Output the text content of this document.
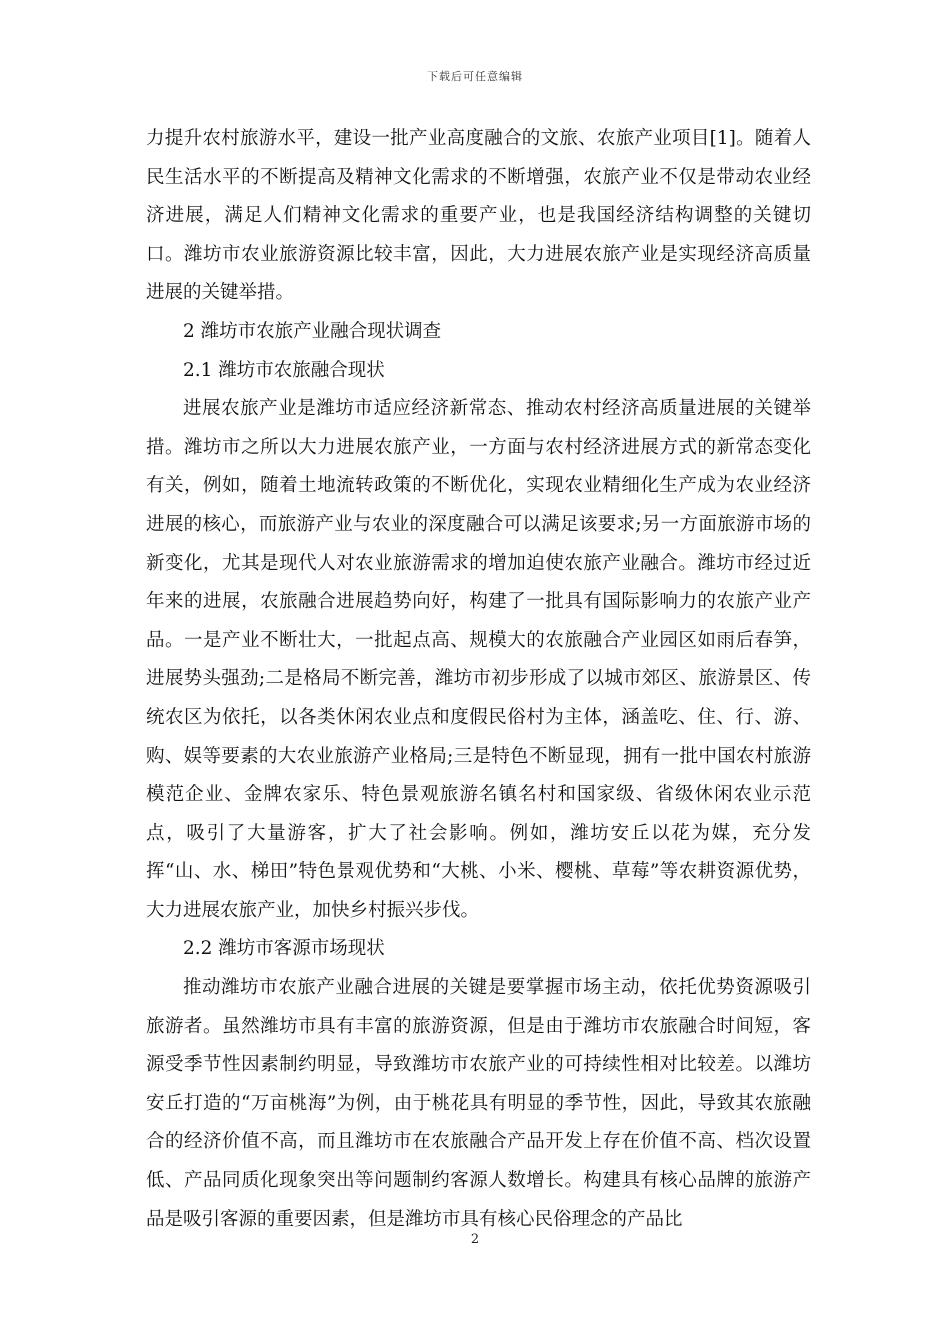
下载后可任意编辑

力提升农村旅游水平，建设一批产业高度融合的文旅、农旅产业项目[1]。随着人民生活水平的不断提高及精神文化需求的不断增强，农旅产业不仅是带动农业经济进展，满足人们精神文化需求的重要产业，也是我国经济结构调整的关键切口。潍坊市农业旅游资源比较丰富，因此，大力进展农旅产业是实现经济高质量进展的关键举措。

2 潍坊市农旅产业融合现状调查

2.1 潍坊市农旅融合现状

进展农旅产业是潍坊市适应经济新常态、推动农村经济高质量进展的关键举措。潍坊市之所以大力进展农旅产业，一方面与农村经济进展方式的新常态变化有关，例如，随着土地流转政策的不断优化，实现农业精细化生产成为农业经济进展的核心，而旅游产业与农业的深度融合可以满足该要求;另一方面旅游市场的新变化，尤其是现代人对农业旅游需求的增加迫使农旅产业融合。潍坊市经过近年来的进展，农旅融合进展趋势向好，构建了一批具有国际影响力的农旅产业产品。一是产业不断壮大，一批起点高、规模大的农旅融合产业园区如雨后春笋，进展势头强劲;二是格局不断完善，潍坊市初步形成了以城市郊区、旅游景区、传统农区为依托，以各类休闲农业点和度假民俗村为主体，涵盖吃、住、行、游、购、娱等要素的大农业旅游产业格局;三是特色不断显现，拥有一批中国农村旅游模范企业、金牌农家乐、特色景观旅游名镇名村和国家级、省级休闲农业示范点，吸引了大量游客，扩大了社会影响。例如，潍坊安丘以花为媒，充分发挥“山、水、梯田”特色景观优势和“大桃、小米、樱桃、草莓”等农耕资源优势，大力进展农旅产业，加快乡村振兴步伐。

2.2 潍坊市客源市场现状

推动潍坊市农旅产业融合进展的关键是要掌握市场主动，依托优势资源吸引旅游者。虽然潍坊市具有丰富的旅游资源，但是由于潍坊市农旅融合时间短，客源受季节性因素制约明显，导致潍坊市农旅产业的可持续性相对比较差。以潍坊安丘打造的“万亩桃海”为例，由于桃花具有明显的季节性，因此，导致其农旅融合的经济价值不高，而且潍坊市在农旅融合产品开发上存在价值不高、档次设置低、产品同质化现象突出等问题制约客源人数增长。构建具有核心品牌的旅游产品是吸引客源的重要因素，但是潍坊市具有核心民俗理念的产品比

2
